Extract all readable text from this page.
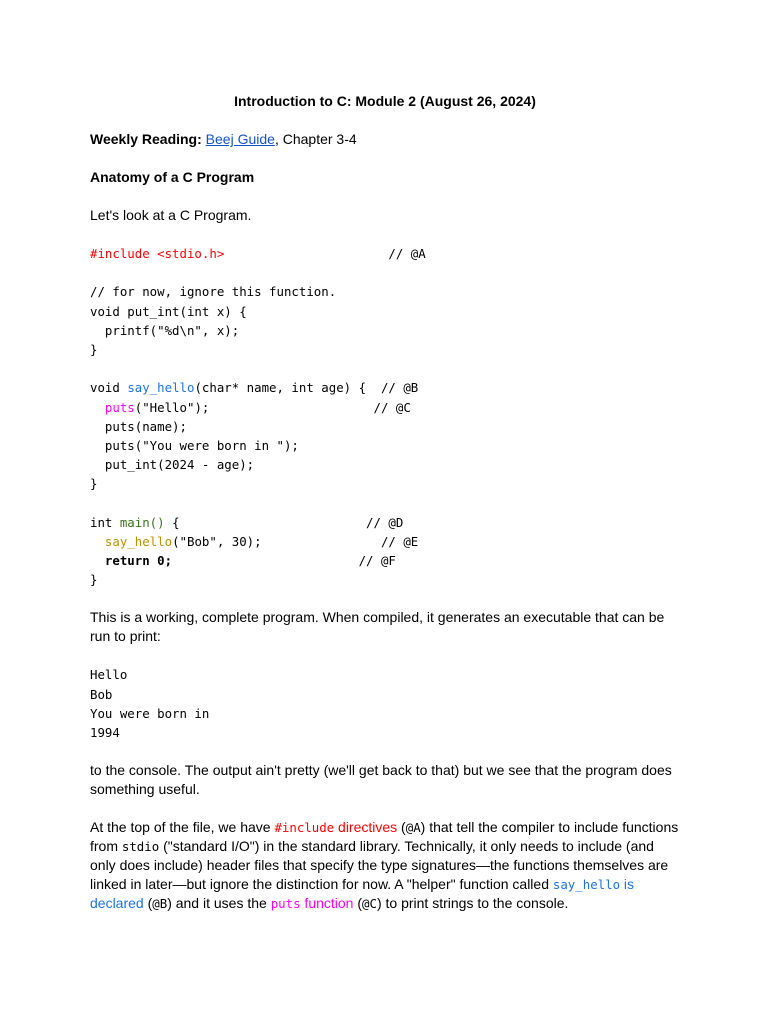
Introduction to C: Module 2 (August 26, 2024)

Weekly Reading: Beej Guide, Chapter 3-4

Anatomy of a C Program

Let's look at a C Program.

#include <stdio.h>	// @A
// for now, ignore this function.
void put_int(int x) {
printf("%d\n", x);
}
void say_hello(char* name, int age) { // @B
puts("Hello");	// @C
puts(name);
puts("You were born in ");
put_int(2024 - age);
}
int main() {	// @D
say_hello("Bob", 30);	// @E
return 0;	// @F
}

This is a working, complete program. When compiled, it generates an executable that can be run to print:

Hello
Bob
You were born in
1994

to the console. The output ain't pretty (we'll get back to that) but we see that the program does something useful.

At the top of the file, we have #include directives (@A) that tell the compiler to include functions from stdio ("standard I/O") in the standard library. Technically, it only needs to include (and only does include) header files that specify the type signatures—the functions themselves are linked in later—but ignore the distinction for now. A "helper" function called say_hello is declared (@B) and it uses the puts function (@C) to print strings to the console.
